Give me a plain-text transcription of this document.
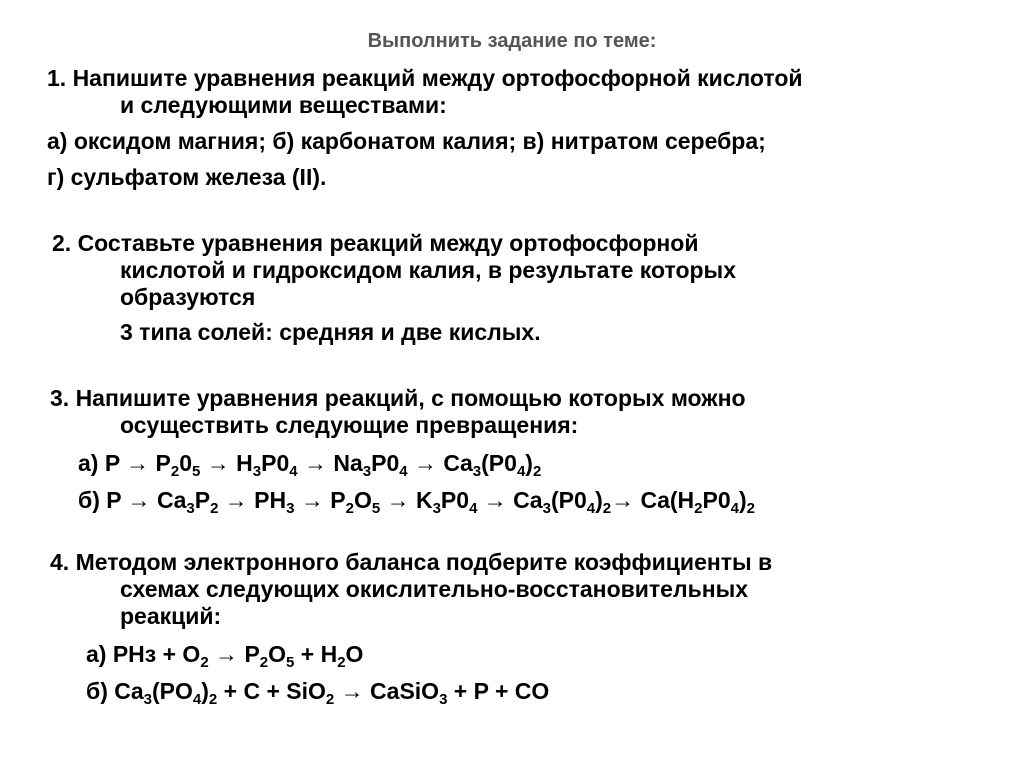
Выполнить задание по теме:
1. Напишите уравнения реакций между ортофосфорной кислотой
и следующими веществами:
а) оксидом магния; б) карбонатом калия; в) нитратом серебра;
г) сульфатом железа (II).
2. Составьте уравнения реакций между ортофосфорной
кислотой и гидроксидом калия, в результате которых
образуются
3 типа солей: средняя и две кислых.
3. Напишите уравнения реакций, с помощью которых можно
осуществить следующие превращения:
а) $P \to P_20_5 \to H_3P0_4 \to Na_3P0_4 \to Ca_3(P0_4)_2$
б) $P \to Ca_3P_2 \to PH_3 \to P_2O_5 \to K_3P0_4 \to Ca_3(P0_4)_2\to Ca(H_2P0_4)_2$
4. Методом электронного баланса подберите коэффициенты в
схемах следующих окислительно-восстановительных
реакций:
а) PHз + $O_2 \to P_2O_5 + H_2O$
б) $Ca_3(PO_4)_2 + C + SiO_2$ → CaSiO$_3$ + P + CO
